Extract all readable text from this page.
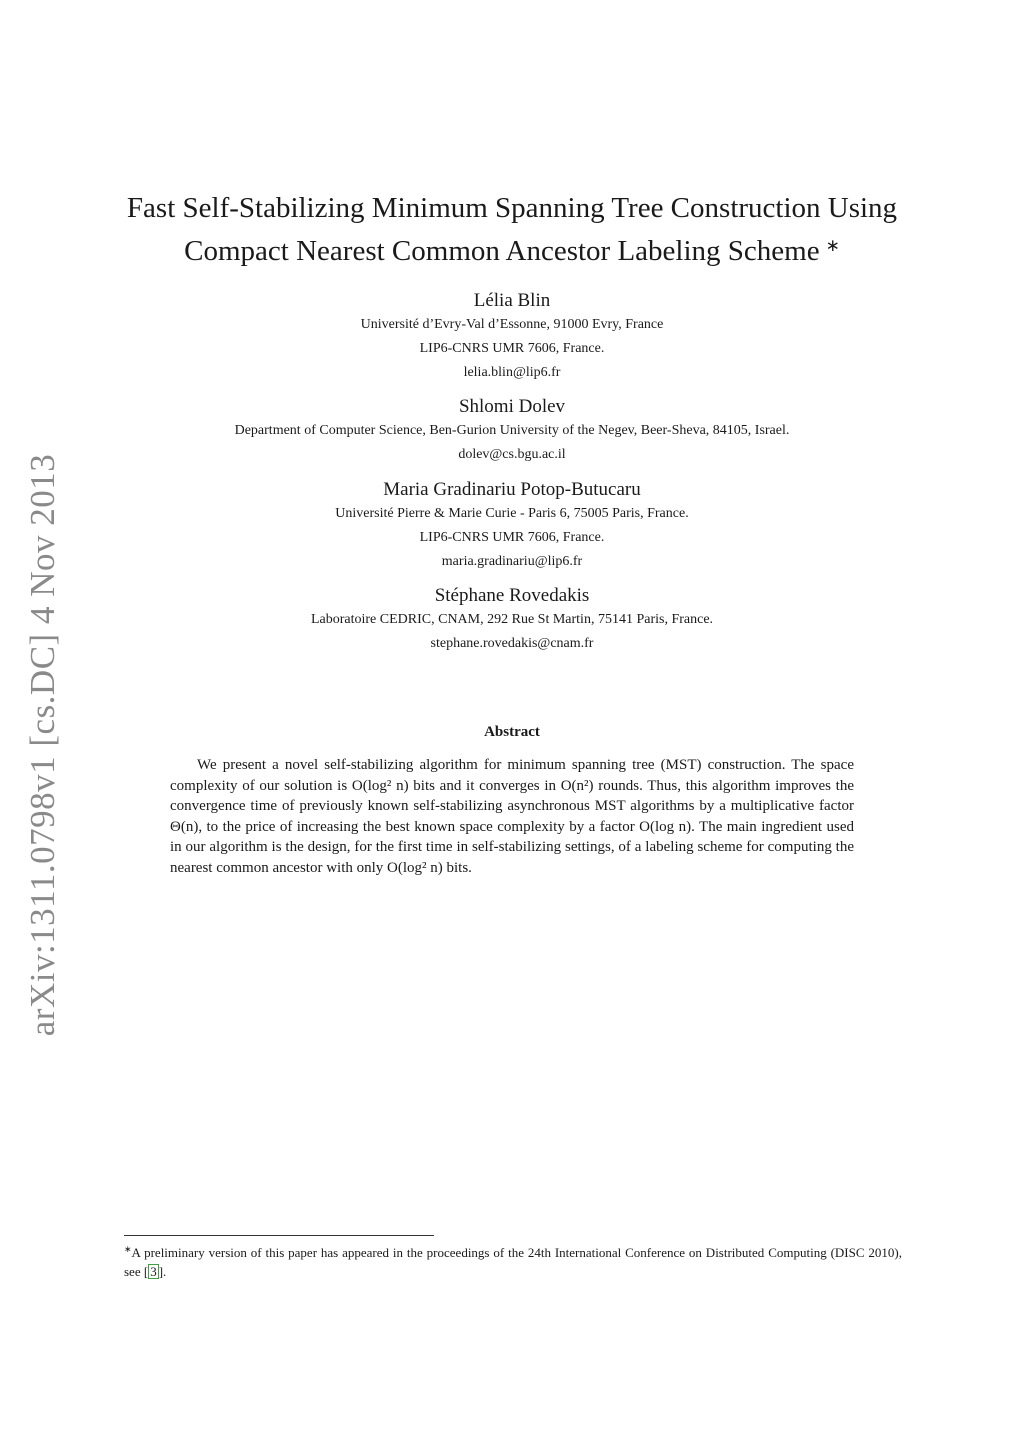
arXiv:1311.0798v1 [cs.DC] 4 Nov 2013
Fast Self-Stabilizing Minimum Spanning Tree Construction Using
Compact Nearest Common Ancestor Labeling Scheme ∗
Lélia Blin
Université d’Evry-Val d’Essonne, 91000 Evry, France
LIP6-CNRS UMR 7606, France.
lelia.blin@lip6.fr
Shlomi Dolev
Department of Computer Science, Ben-Gurion University of the Negev, Beer-Sheva, 84105, Israel.
dolev@cs.bgu.ac.il
Maria Gradinariu Potop-Butucaru
Université Pierre & Marie Curie - Paris 6, 75005 Paris, France.
LIP6-CNRS UMR 7606, France.
maria.gradinariu@lip6.fr
Stéphane Rovedakis
Laboratoire CEDRIC, CNAM, 292 Rue St Martin, 75141 Paris, France.
stephane.rovedakis@cnam.fr
Abstract
We present a novel self-stabilizing algorithm for minimum spanning tree (MST) construction. The space complexity of our solution is O(log² n) bits and it converges in O(n²) rounds. Thus, this algorithm improves the convergence time of previously known self-stabilizing asynchronous MST algorithms by a multiplicative factor Θ(n), to the price of increasing the best known space complexity by a factor O(log n). The main ingredient used in our algorithm is the design, for the first time in self-stabilizing settings, of a labeling scheme for computing the nearest common ancestor with only O(log² n) bits.
∗A preliminary version of this paper has appeared in the proceedings of the 24th International Conference on Distributed Computing (DISC 2010), see [ 3 ].
